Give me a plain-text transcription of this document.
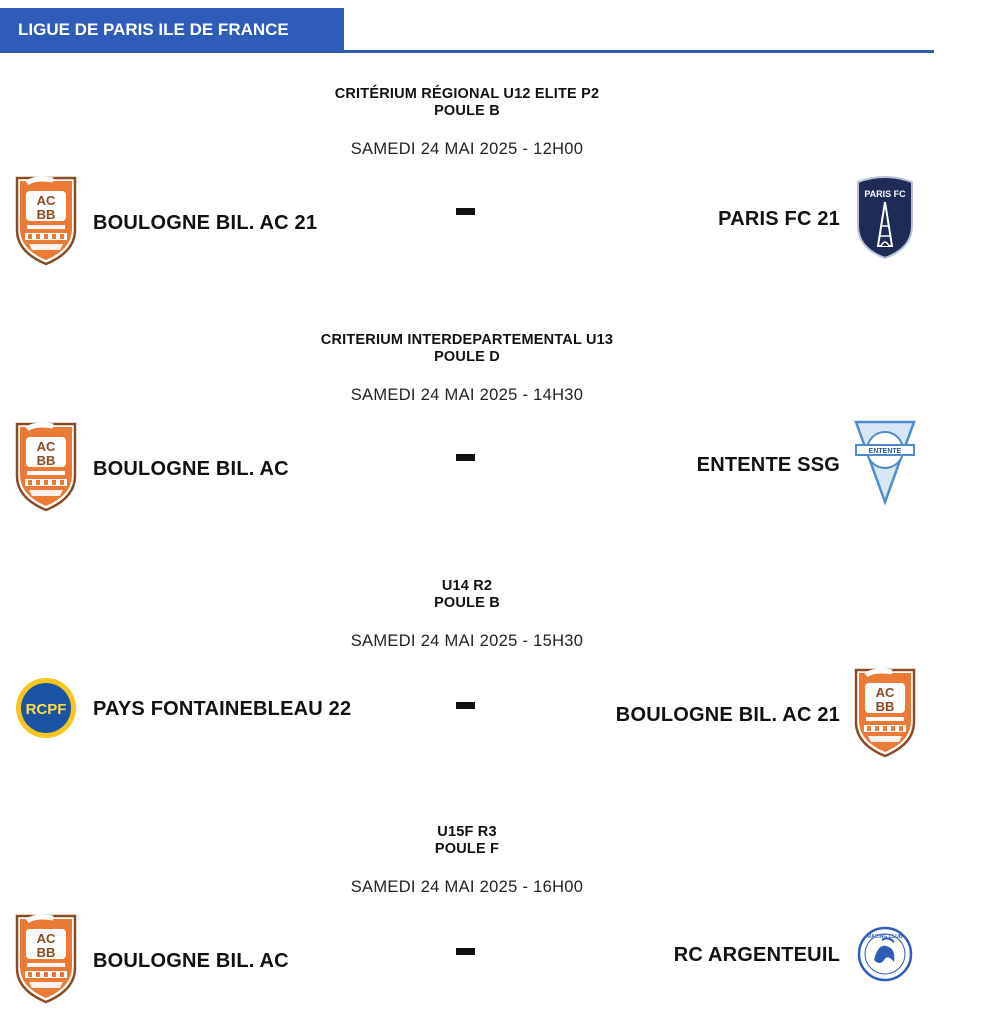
LIGUE DE PARIS ILE DE FRANCE
CRITÉRIUM RÉGIONAL U12 ELITE P2
POULE B
SAMEDI 24 MAI 2025 - 12H00
BOULOGNE BIL. AC 21	PARIS FC 21
CRITERIUM INTERDEPARTEMENTAL U13
POULE D
SAMEDI 24 MAI 2025 - 14H30
BOULOGNE BIL. AC	ENTENTE SSG
U14 R2
POULE B
SAMEDI 24 MAI 2025 - 15H30
PAYS FONTAINEBLEAU 22	BOULOGNE BIL. AC 21
U15F R3
POULE F
SAMEDI 24 MAI 2025 - 16H00
BOULOGNE BIL. AC	RC ARGENTEUIL
